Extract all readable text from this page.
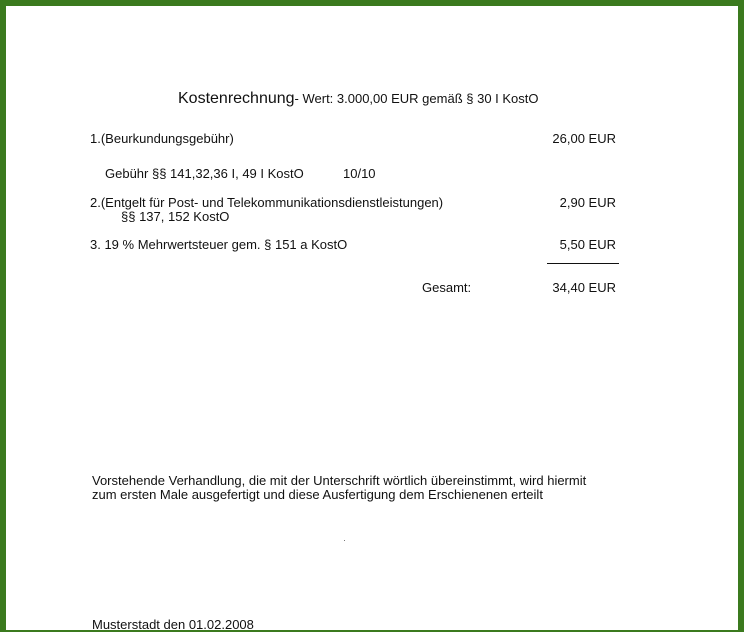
Kostenrechnung- Wert: 3.000,00 EUR gemäß § 30 I KostO
1.(Beurkundungsgebühr)	26,00 EUR
Gebühr §§ 141,32,36 I, 49 I KostO	10/10
2.(Entgelt für Post- und Telekommunikationsdienstleistungen)	2,90 EUR
§§ 137, 152 KostO
3. 19 % Mehrwertsteuer gem. § 151 a KostO	5,50 EUR
Gesamt:	34,40 EUR
Vorstehende Verhandlung, die mit der Unterschrift wörtlich übereinstimmt, wird hiermit
zum ersten Male ausgefertigt und diese Ausfertigung dem Erschienenen erteilt
Musterstadt den 01.02.2008
